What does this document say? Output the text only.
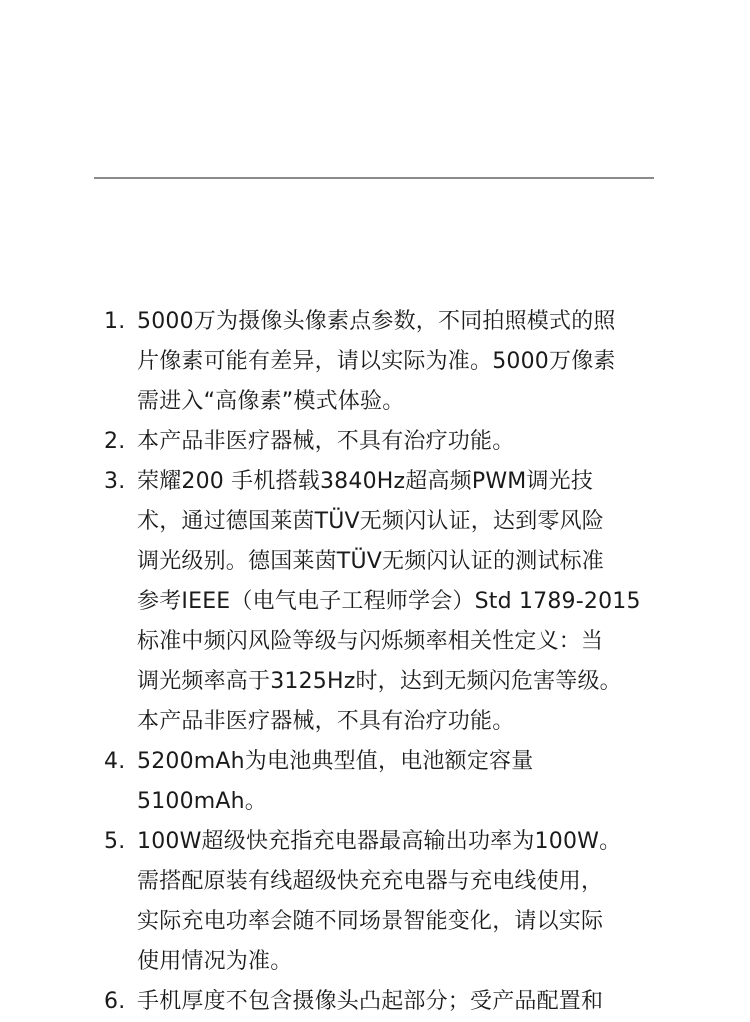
1. 5000万为摄像头像素点参数，不同拍照模式的照
片像素可能有差异，请以实际为准。5000万像素
需进入“高像素”模式体验。
2. 本产品非医疗器械，不具有治疗功能。
3. 荣耀200 手机搭载3840Hz超高频PWM调光技
术，通过德国莱茵TÜV无频闪认证，达到零风险
调光级别。德国莱茵TÜV无频闪认证的测试标准
参考IEEE（电气电子工程师学会）Std 1789-2015
标准中频闪风险等级与闪烁频率相关性定义：当
调光频率高于3125Hz时，达到无频闪危害等级。
本产品非医疗器械，不具有治疗功能。
4. 5200mAh为电池典型值，电池额定容量
5100mAh。
5. 100W超级快充指充电器最高输出功率为100W。
需搭配原装有线超级快充充电器与充电线使用，
实际充电功率会随不同场景智能变化，请以实际
使用情况为准。
6. 手机厚度不包含摄像头凸起部分；受产品配置和
